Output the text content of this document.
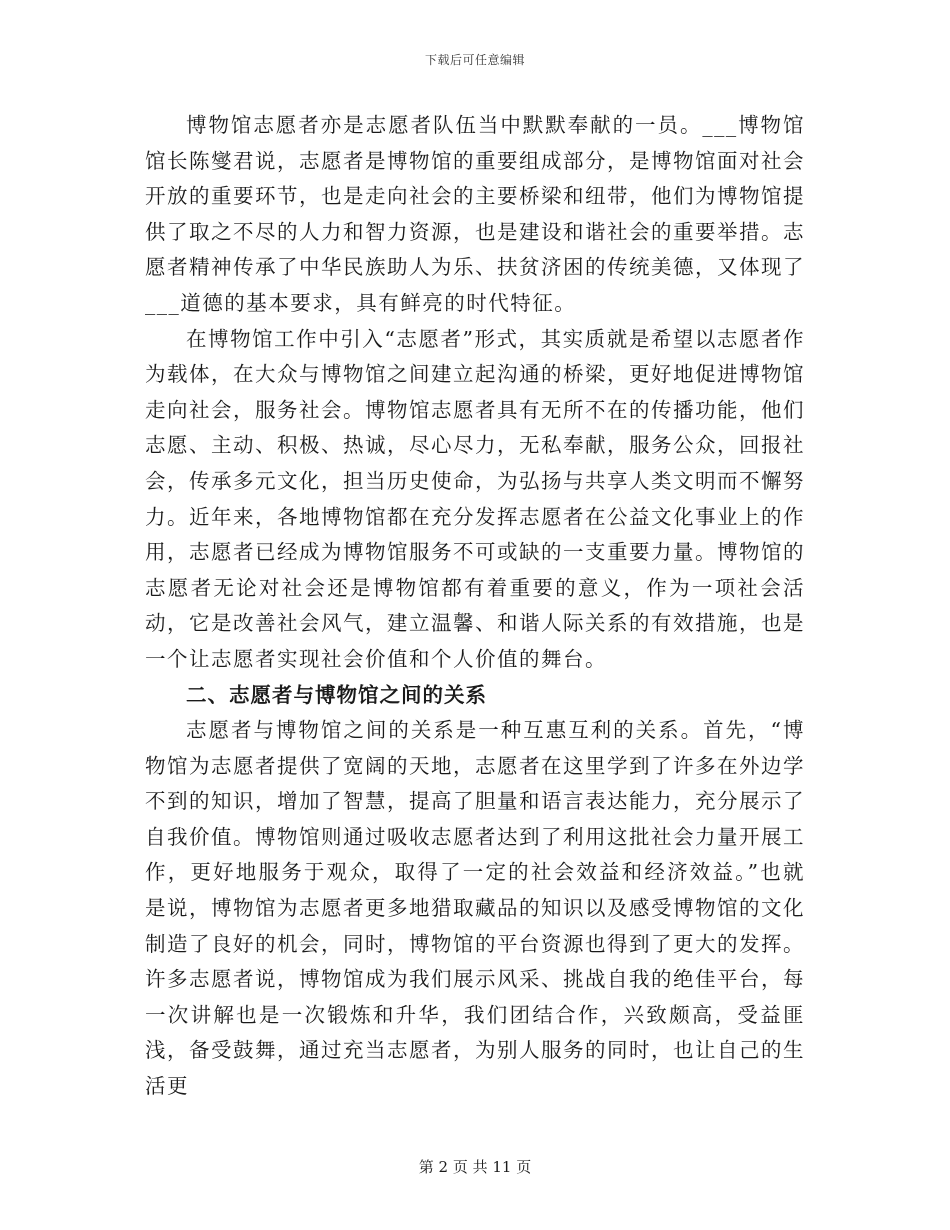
下载后可任意编辑

博物馆志愿者亦是志愿者队伍当中默默奉献的一员。___博物馆馆长陈燮君说，志愿者是博物馆的重要组成部分，是博物馆面对社会开放的重要环节，也是走向社会的主要桥梁和纽带，他们为博物馆提供了取之不尽的人力和智力资源，也是建设和谐社会的重要举措。志愿者精神传承了中华民族助人为乐、扶贫济困的传统美德，又体现了___道德的基本要求，具有鲜亮的时代特征。

在博物馆工作中引入“志愿者”形式，其实质就是希望以志愿者作为载体，在大众与博物馆之间建立起沟通的桥梁，更好地促进博物馆走向社会，服务社会。博物馆志愿者具有无所不在的传播功能，他们志愿、主动、积极、热诚，尽心尽力，无私奉献，服务公众，回报社会，传承多元文化，担当历史使命，为弘扬与共享人类文明而不懈努力。近年来，各地博物馆都在充分发挥志愿者在公益文化事业上的作用，志愿者已经成为博物馆服务不可或缺的一支重要力量。博物馆的志愿者无论对社会还是博物馆都有着重要的意义，作为一项社会活动，它是改善社会风气，建立温馨、和谐人际关系的有效措施，也是一个让志愿者实现社会价值和个人价值的舞台。

二、志愿者与博物馆之间的关系

志愿者与博物馆之间的关系是一种互惠互利的关系。首先，“博物馆为志愿者提供了宽阔的天地，志愿者在这里学到了许多在外边学不到的知识，增加了智慧，提高了胆量和语言表达能力，充分展示了自我价值。博物馆则通过吸收志愿者达到了利用这批社会力量开展工作，更好地服务于观众，取得了一定的社会效益和经济效益。”也就是说，博物馆为志愿者更多地猎取藏品的知识以及感受博物馆的文化制造了良好的机会，同时，博物馆的平台资源也得到了更大的发挥。许多志愿者说，博物馆成为我们展示风采、挑战自我的绝佳平台，每一次讲解也是一次锻炼和升华，我们团结合作，兴致颇高，受益匪浅，备受鼓舞，通过充当志愿者，为别人服务的同时，也让自己的生活更

第 2 页 共 11 页
